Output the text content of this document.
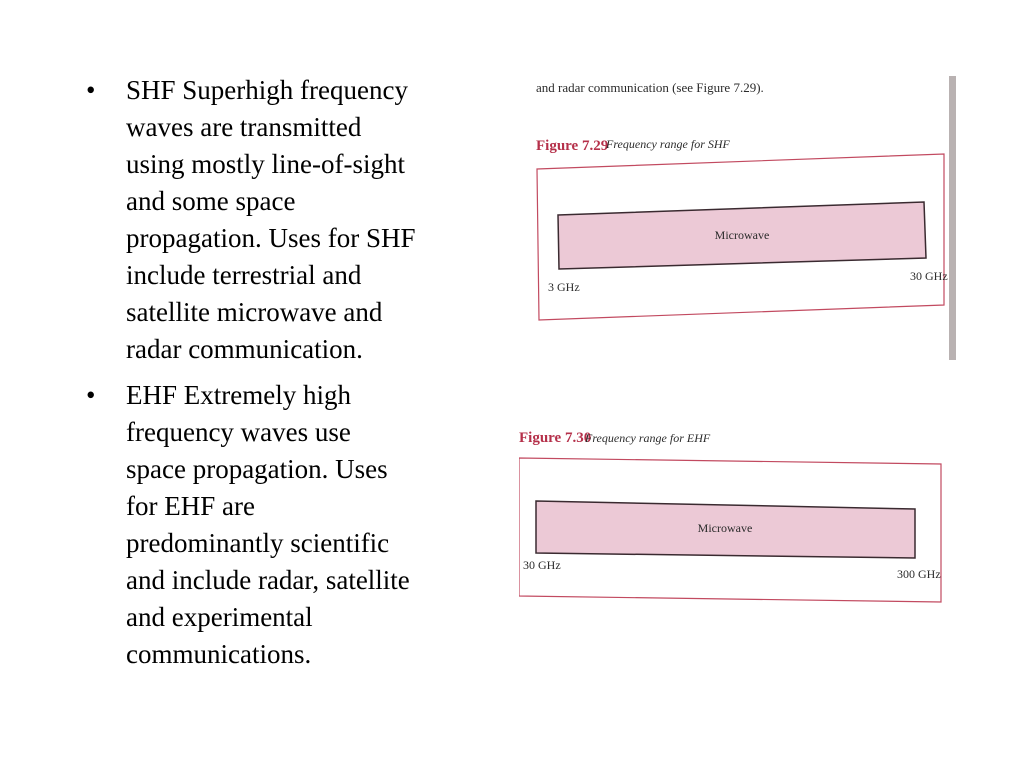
• SHF Superhigh frequency
waves are transmitted
using mostly line-of-sight
and some space
propagation. Uses for SHF
include terrestrial and
satellite microwave and
radar communication.
• EHF Extremely high
frequency waves use
space propagation. Uses
for EHF are
predominantly scientific
and include radar, satellite
and experimental
communications.
and radar communication (see Figure 7.29).
Figure 7.29
Frequency range for SHF
Microwave
3 GHz
30 GHz
Figure 7.30
Frequency range for EHF
Microwave
30 GHz
300 GHz
